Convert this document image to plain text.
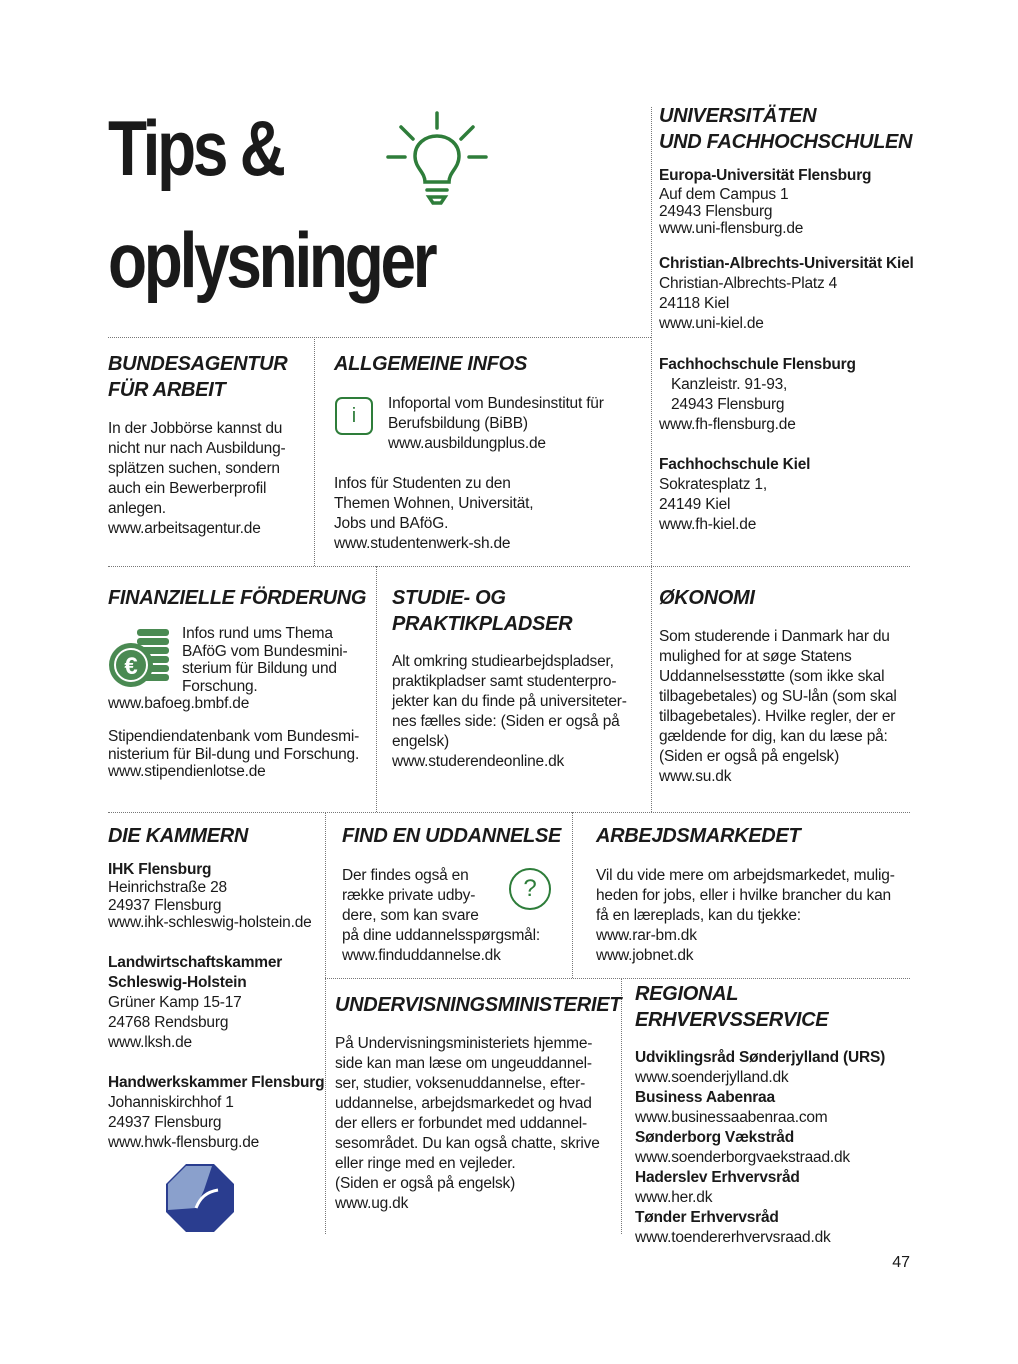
Tips &
oplysninger
UNIVERSITÄTEN
UND FACHHOCHSCHULEN
Europa-Universität Flensburg
Auf dem Campus 1
24943 Flensburg
www.uni-flensburg.de
Christian-Albrechts-Universität Kiel
Christian-Albrechts-Platz 4
24118 Kiel
www.uni-kiel.de
Fachhochschule Flensburg
Kanzleistr. 91-93,
24943 Flensburg
www.fh-flensburg.de
Fachhochschule Kiel
Sokratesplatz 1,
24149 Kiel
www.fh-kiel.de
BUNDESAGENTUR
FÜR ARBEIT
In der Jobbörse kannst du
nicht nur nach Ausbildung-
splätzen suchen, sondern
auch ein Bewerberprofil
anlegen.
www.arbeitsagentur.de
ALLGEMEINE INFOS
i
Infoportal vom Bundesinstitut für
Berufsbildung (BiBB)
www.ausbildungplus.de
Infos für Studenten zu den
Themen Wohnen, Universität,
Jobs und BAföG.
www.studentenwerk-sh.de
FINANZIELLE FÖRDERUNG
€
Infos rund ums Thema
BAföG vom Bundesmini-
sterium für Bildung und
Forschung.
www.bafoeg.bmbf.de
Stipendiendatenbank vom Bundesmi-
nisterium für Bil-dung und Forschung.
www.stipendienlotse.de
STUDIE- OG
PRAKTIKPLADSER
Alt omkring studiearbejdspladser,
praktikpladser samt studenterpro-
jekter kan du finde på universiteter-
nes fælles side: (Siden er også på
engelsk)
www.studerendeonline.dk
ØKONOMI
Som studerende i Danmark har du
mulighed for at søge Statens
Uddannelsesstøtte (som ikke skal
tilbagebetales) og SU-lån (som skal
tilbagebetales). Hvilke regler, der er
gældende for dig, kan du læse på:
(Siden er også på engelsk)
www.su.dk
DIE KAMMERN
IHK Flensburg
Heinrichstraße 28
24937 Flensburg
www.ihk-schleswig-holstein.de
Landwirtschaftskammer
Schleswig-Holstein
Grüner Kamp 15-17
24768 Rendsburg
www.lksh.de
Handwerkskammer Flensburg
Johanniskirchhof 1
24937 Flensburg
www.hwk-flensburg.de
FIND EN UDDANNELSE
Der findes også en
række private udby-
dere, som kan svare
på dine uddannelsspørgsmål:
www.finduddannelse.dk
?
ARBEJDSMARKEDET
Vil du vide mere om arbejdsmarkedet, mulig-
heden for jobs, eller i hvilke brancher du kan
få en læreplads, kan du tjekke:
www.rar-bm.dk
www.jobnet.dk
UNDERVISNINGSMINISTERIET
På Undervisningsministeriets hjemme-
side kan man læse om ungeuddannel-
ser, studier, voksenuddannelse, efter-
uddannelse, arbejdsmarkedet og hvad
der ellers er forbundet med uddannel-
sesområdet. Du kan også chatte, skrive
eller ringe med en vejleder.
(Siden er også på engelsk)
www.ug.dk
REGIONAL ERHVERVSSERVICE
Udviklingsråd Sønderjylland (URS)
www.soenderjylland.dk
Business Aabenraa
www.businessaabenraa.com
Sønderborg Vækstråd
www.soenderborgvaekstraad.dk
Haderslev Erhvervsråd
www.her.dk
Tønder Erhvervsråd
www.toendererhvervsraad.dk
47
